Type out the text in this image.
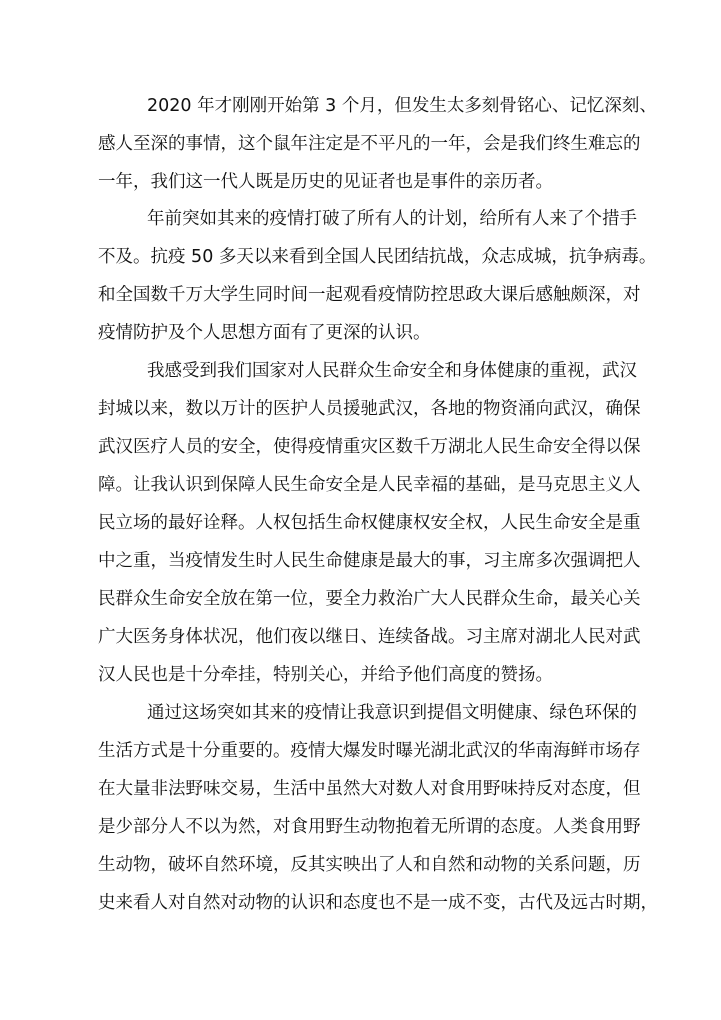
2020 年才刚刚开始第 3 个月，但发生太多刻骨铭心、记忆深刻、
感人至深的事情，这个鼠年注定是不平凡的一年，会是我们终生难忘的
一年，我们这一代人既是历史的见证者也是事件的亲历者。
年前突如其来的疫情打破了所有人的计划，给所有人来了个措手
不及。抗疫 50 多天以来看到全国人民团结抗战，众志成城，抗争病毒。
和全国数千万大学生同时间一起观看疫情防控思政大课后感触颇深，对
疫情防护及个人思想方面有了更深的认识。
我感受到我们国家对人民群众生命安全和身体健康的重视，武汉
封城以来，数以万计的医护人员援驰武汉，各地的物资涌向武汉，确保
武汉医疗人员的安全，使得疫情重灾区数千万湖北人民生命安全得以保
障。让我认识到保障人民生命安全是人民幸福的基础，是马克思主义人
民立场的最好诠释。人权包括生命权健康权安全权，人民生命安全是重
中之重，当疫情发生时人民生命健康是最大的事，习主席多次强调把人
民群众生命安全放在第一位，要全力救治广大人民群众生命，最关心关
广大医务身体状况，他们夜以继日、连续备战。习主席对湖北人民对武
汉人民也是十分牵挂，特别关心，并给予他们高度的赞扬。
通过这场突如其来的疫情让我意识到提倡文明健康、绿色环保的
生活方式是十分重要的。疫情大爆发时曝光湖北武汉的华南海鲜市场存
在大量非法野味交易，生活中虽然大对数人对食用野味持反对态度，但
是少部分人不以为然，对食用野生动物抱着无所谓的态度。人类食用野
生动物，破坏自然环境，反其实映出了人和自然和动物的关系问题，历
史来看人对自然对动物的认识和态度也不是一成不变，古代及远古时期，
